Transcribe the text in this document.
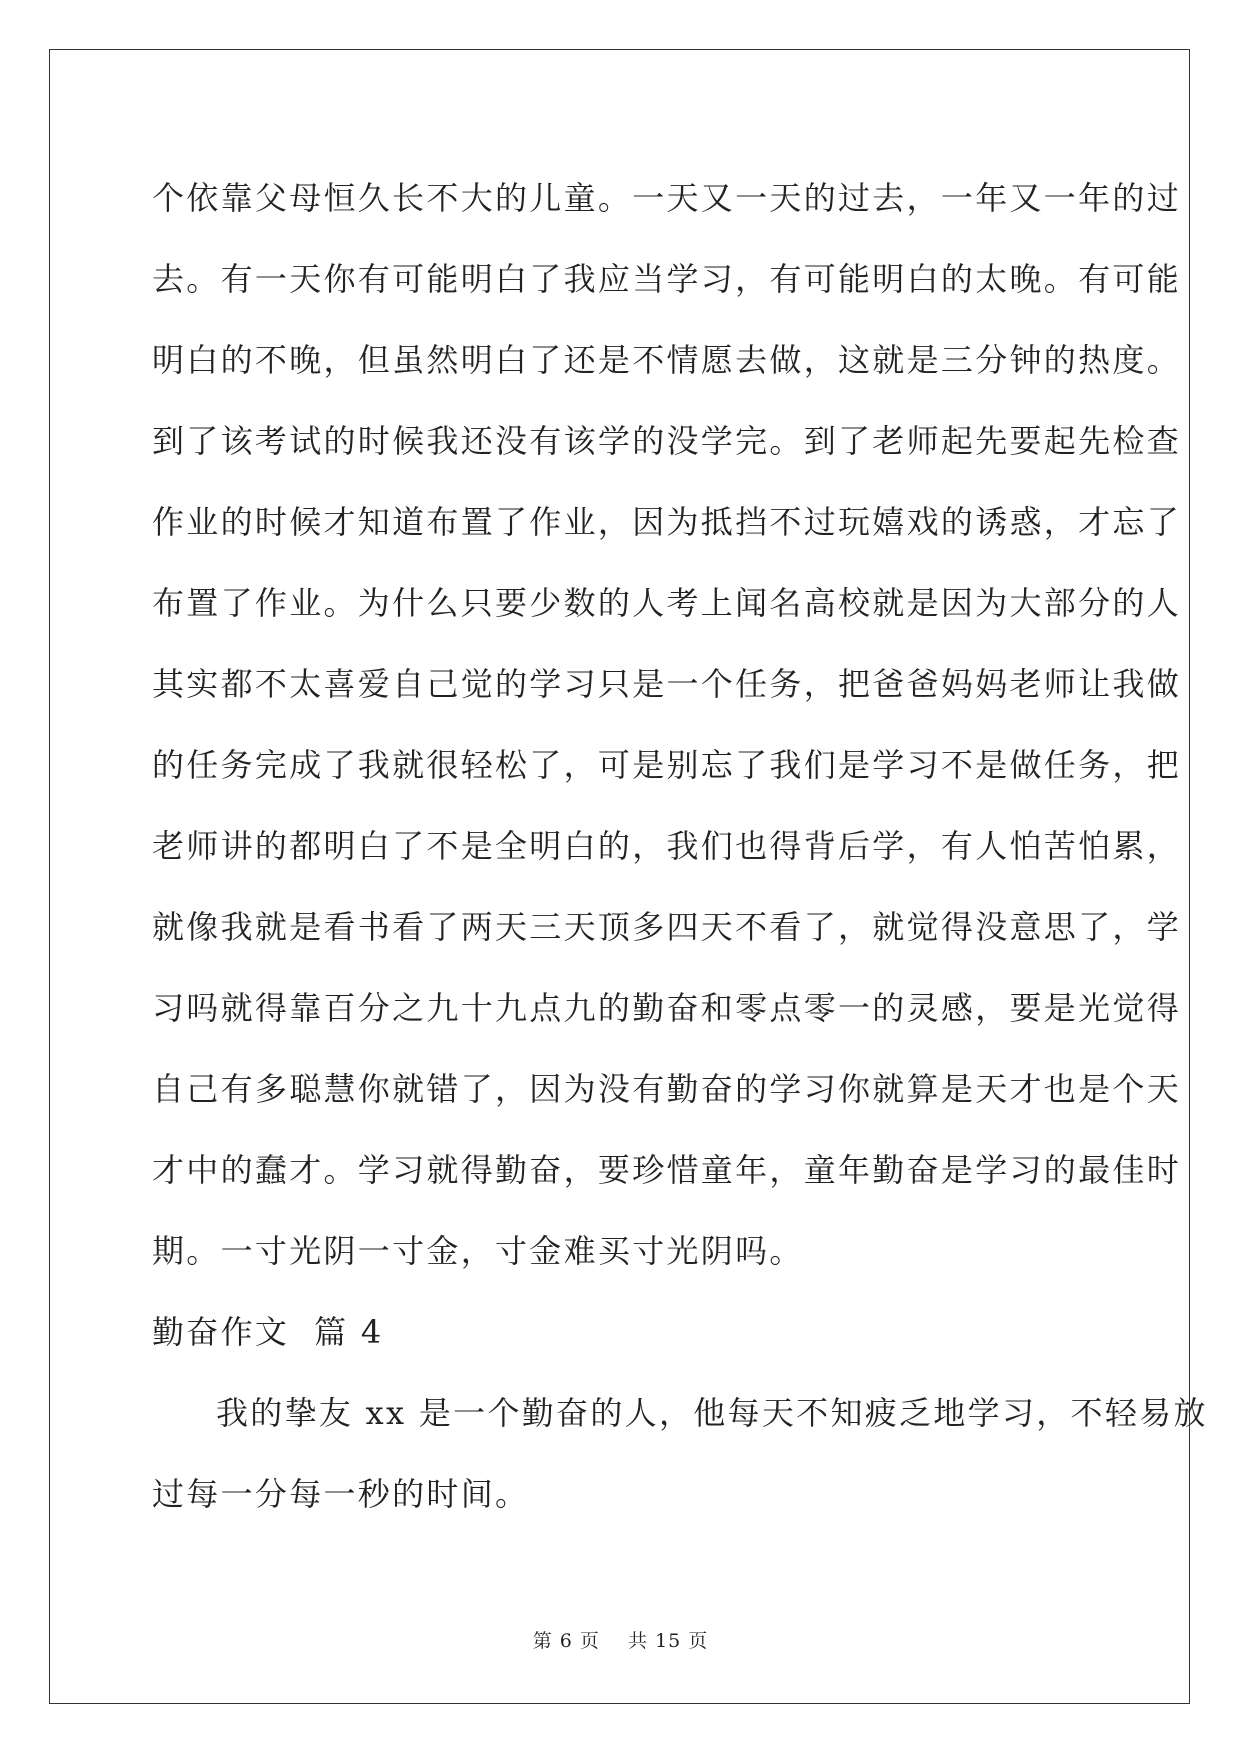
个依靠父母恒久长不大的儿童。一天又一天的过去，一年又一年的过
去。有一天你有可能明白了我应当学习，有可能明白的太晚。有可能
明白的不晚，但虽然明白了还是不情愿去做，这就是三分钟的热度。
到了该考试的时候我还没有该学的没学完。到了老师起先要起先检查
作业的时候才知道布置了作业，因为抵挡不过玩嬉戏的诱惑，才忘了
布置了作业。为什么只要少数的人考上闻名高校就是因为大部分的人
其实都不太喜爱自己觉的学习只是一个任务，把爸爸妈妈老师让我做
的任务完成了我就很轻松了，可是别忘了我们是学习不是做任务，把
老师讲的都明白了不是全明白的，我们也得背后学，有人怕苦怕累，
就像我就是看书看了两天三天顶多四天不看了，就觉得没意思了，学
习吗就得靠百分之九十九点九的勤奋和零点零一的灵感，要是光觉得
自己有多聪慧你就错了，因为没有勤奋的学习你就算是天才也是个天
才中的蠢才。学习就得勤奋，要珍惜童年，童年勤奋是学习的最佳时
期。一寸光阴一寸金，寸金难买寸光阴吗。
勤奋作文  篇 4
我的挚友 xx 是一个勤奋的人，他每天不知疲乏地学习，不轻易放
过每一分每一秒的时间。
第 6 页    共 15 页
